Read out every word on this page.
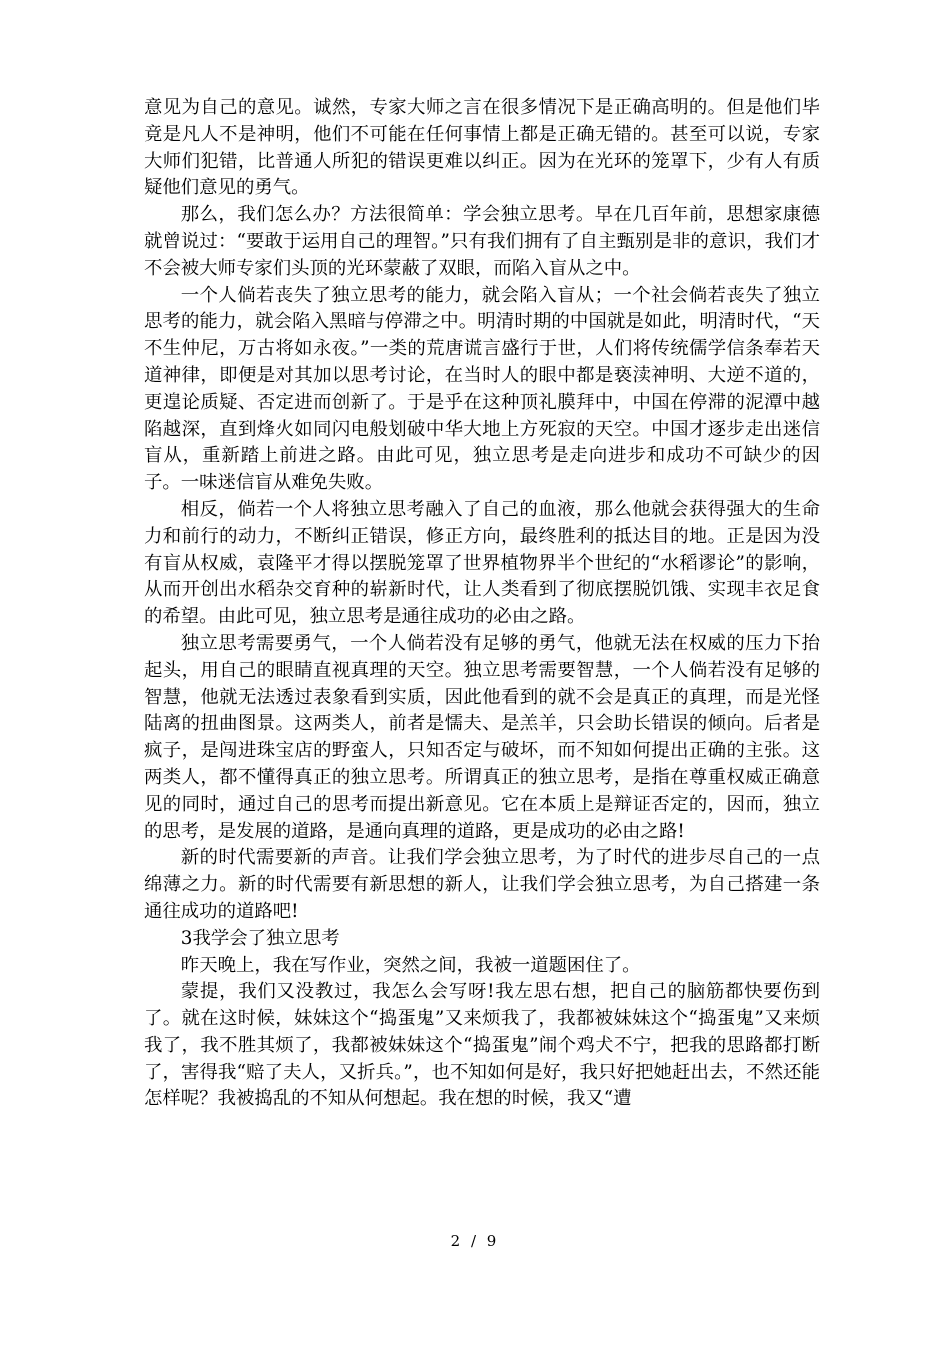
意见为自己的意见。诚然，专家大师之言在很多情况下是正确高明的。但是他们毕竟是凡人不是神明，他们不可能在任何事情上都是正确无错的。甚至可以说，专家大师们犯错，比普通人所犯的错误更难以纠正。因为在光环的笼罩下，少有人有质疑他们意见的勇气。

那么，我们怎么办？方法很简单：学会独立思考。早在几百年前，思想家康德就曾说过：“要敢于运用自己的理智。”只有我们拥有了自主甄别是非的意识，我们才不会被大师专家们头顶的光环蒙蔽了双眼，而陷入盲从之中。

一个人倘若丧失了独立思考的能力，就会陷入盲从；一个社会倘若丧失了独立思考的能力，就会陷入黑暗与停滞之中。明清时期的中国就是如此，明清时代，“天不生仲尼，万古将如永夜。”一类的荒唐谎言盛行于世，人们将传统儒学信条奉若天道神律，即便是对其加以思考讨论，在当时人的眼中都是亵渎神明、大逆不道的，更遑论质疑、否定进而创新了。于是乎在这种顶礼膜拜中，中国在停滞的泥潭中越陷越深，直到烽火如同闪电般划破中华大地上方死寂的天空。中国才逐步走出迷信盲从，重新踏上前进之路。由此可见，独立思考是走向进步和成功不可缺少的因子。一味迷信盲从难免失败。

相反，倘若一个人将独立思考融入了自己的血液，那么他就会获得强大的生命力和前行的动力，不断纠正错误，修正方向，最终胜利的抵达目的地。正是因为没有盲从权威，袁隆平才得以摆脱笼罩了世界植物界半个世纪的“水稻谬论”的影响，从而开创出水稻杂交育种的崭新时代，让人类看到了彻底摆脱饥饿、实现丰衣足食的希望。由此可见，独立思考是通往成功的必由之路。

独立思考需要勇气，一个人倘若没有足够的勇气，他就无法在权威的压力下抬起头，用自己的眼睛直视真理的天空。独立思考需要智慧，一个人倘若没有足够的智慧，他就无法透过表象看到实质，因此他看到的就不会是真正的真理，而是光怪陆离的扭曲图景。这两类人，前者是懦夫、是羔羊，只会助长错误的倾向。后者是疯子，是闯进珠宝店的野蛮人，只知否定与破坏，而不知如何提出正确的主张。这两类人，都不懂得真正的独立思考。所谓真正的独立思考，是指在尊重权威正确意见的同时，通过自己的思考而提出新意见。它在本质上是辩证否定的，因而，独立的思考，是发展的道路，是通向真理的道路，更是成功的必由之路!

新的时代需要新的声音。让我们学会独立思考，为了时代的进步尽自己的一点绵薄之力。新的时代需要有新思想的新人，让我们学会独立思考，为自己搭建一条通往成功的道路吧!

3我学会了独立思考

昨天晚上，我在写作业，突然之间，我被一道题困住了。

蒙提，我们又没教过，我怎么会写呀!我左思右想，把自己的脑筋都快要伤到了。就在这时候，妹妹这个“捣蛋鬼”又来烦我了，我都被妹妹这个“捣蛋鬼”又来烦我了，我不胜其烦了，我都被妹妹这个“捣蛋鬼”闹个鸡犬不宁，把我的思路都打断了，害得我“赔了夫人，又折兵。”，也不知如何是好，我只好把她赶出去，不然还能怎样呢？我被捣乱的不知从何想起。我在想的时候，我又“遭

2 / 9
